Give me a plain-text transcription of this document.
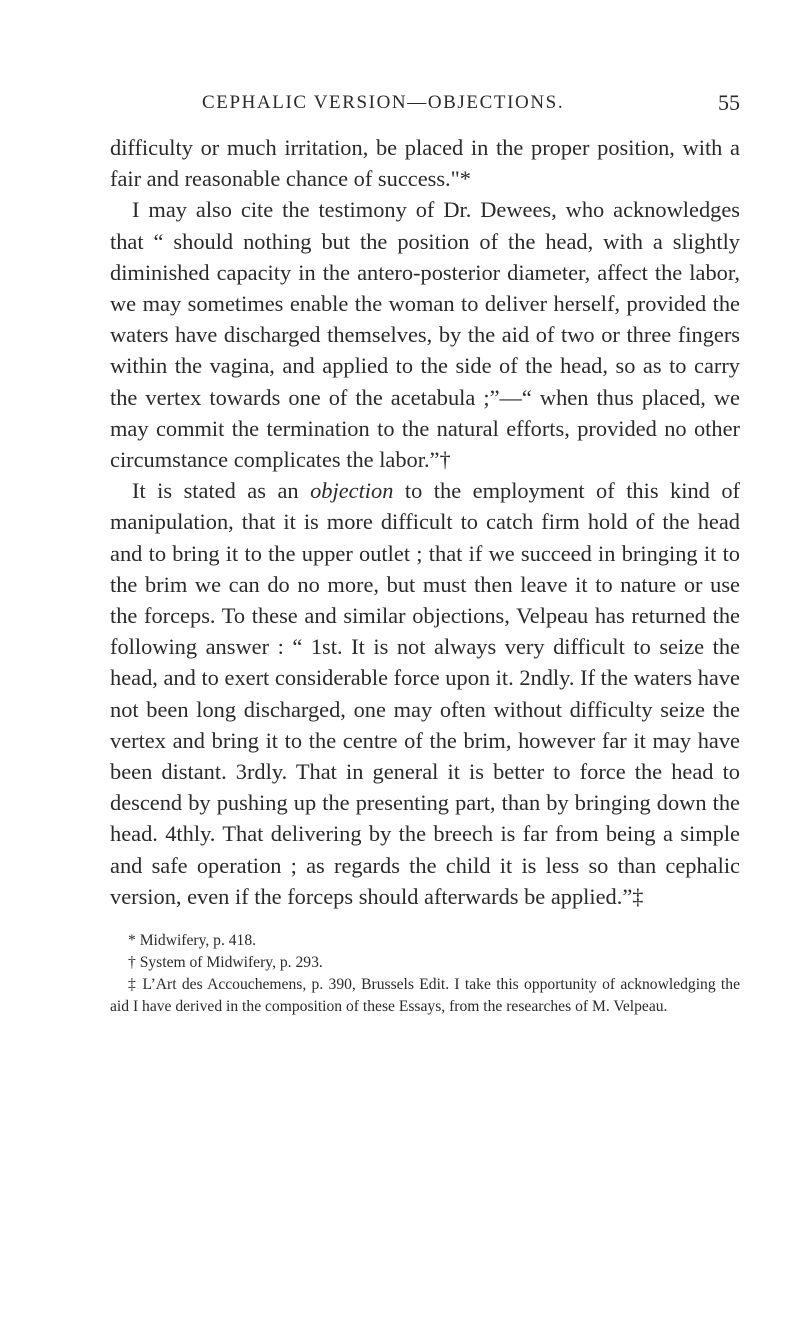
CEPHALIC VERSION—OBJECTIONS.	55

difficulty or much irritation, be placed in the proper position, with a fair and reasonable chance of success."*

I may also cite the testimony of Dr. Dewees, who acknowledges that “ should nothing but the position of the head, with a slightly diminished capacity in the antero-posterior diameter, affect the labor, we may sometimes enable the woman to deliver herself, provided the waters have discharged themselves, by the aid of two or three fingers within the vagina, and applied to the side of the head, so as to carry the vertex towards one of the acetabula ;”—“ when thus placed, we may commit the termination to the natural efforts, provided no other circumstance complicates the labor.”†

It is stated as an objection to the employment of this kind of manipulation, that it is more difficult to catch firm hold of the head and to bring it to the upper outlet ; that if we succeed in bringing it to the brim we can do no more, but must then leave it to nature or use the forceps. To these and similar objections, Velpeau has returned the following answer : “ 1st. It is not always very difficult to seize the head, and to exert considerable force upon it. 2ndly. If the waters have not been long discharged, one may often without difficulty seize the vertex and bring it to the centre of the brim, however far it may have been distant. 3rdly. That in general it is better to force the head to descend by pushing up the presenting part, than by bringing down the head. 4thly. That delivering by the breech is far from being a simple and safe operation ; as regards the child it is less so than cephalic version, even if the forceps should afterwards be applied.”‡

* Midwifery, p. 418.

† System of Midwifery, p. 293.

‡ L’Art des Accouchemens, p. 390, Brussels Edit. I take this opportunity of acknowledging the aid I have derived in the composition of these Essays, from the researches of M. Velpeau.
